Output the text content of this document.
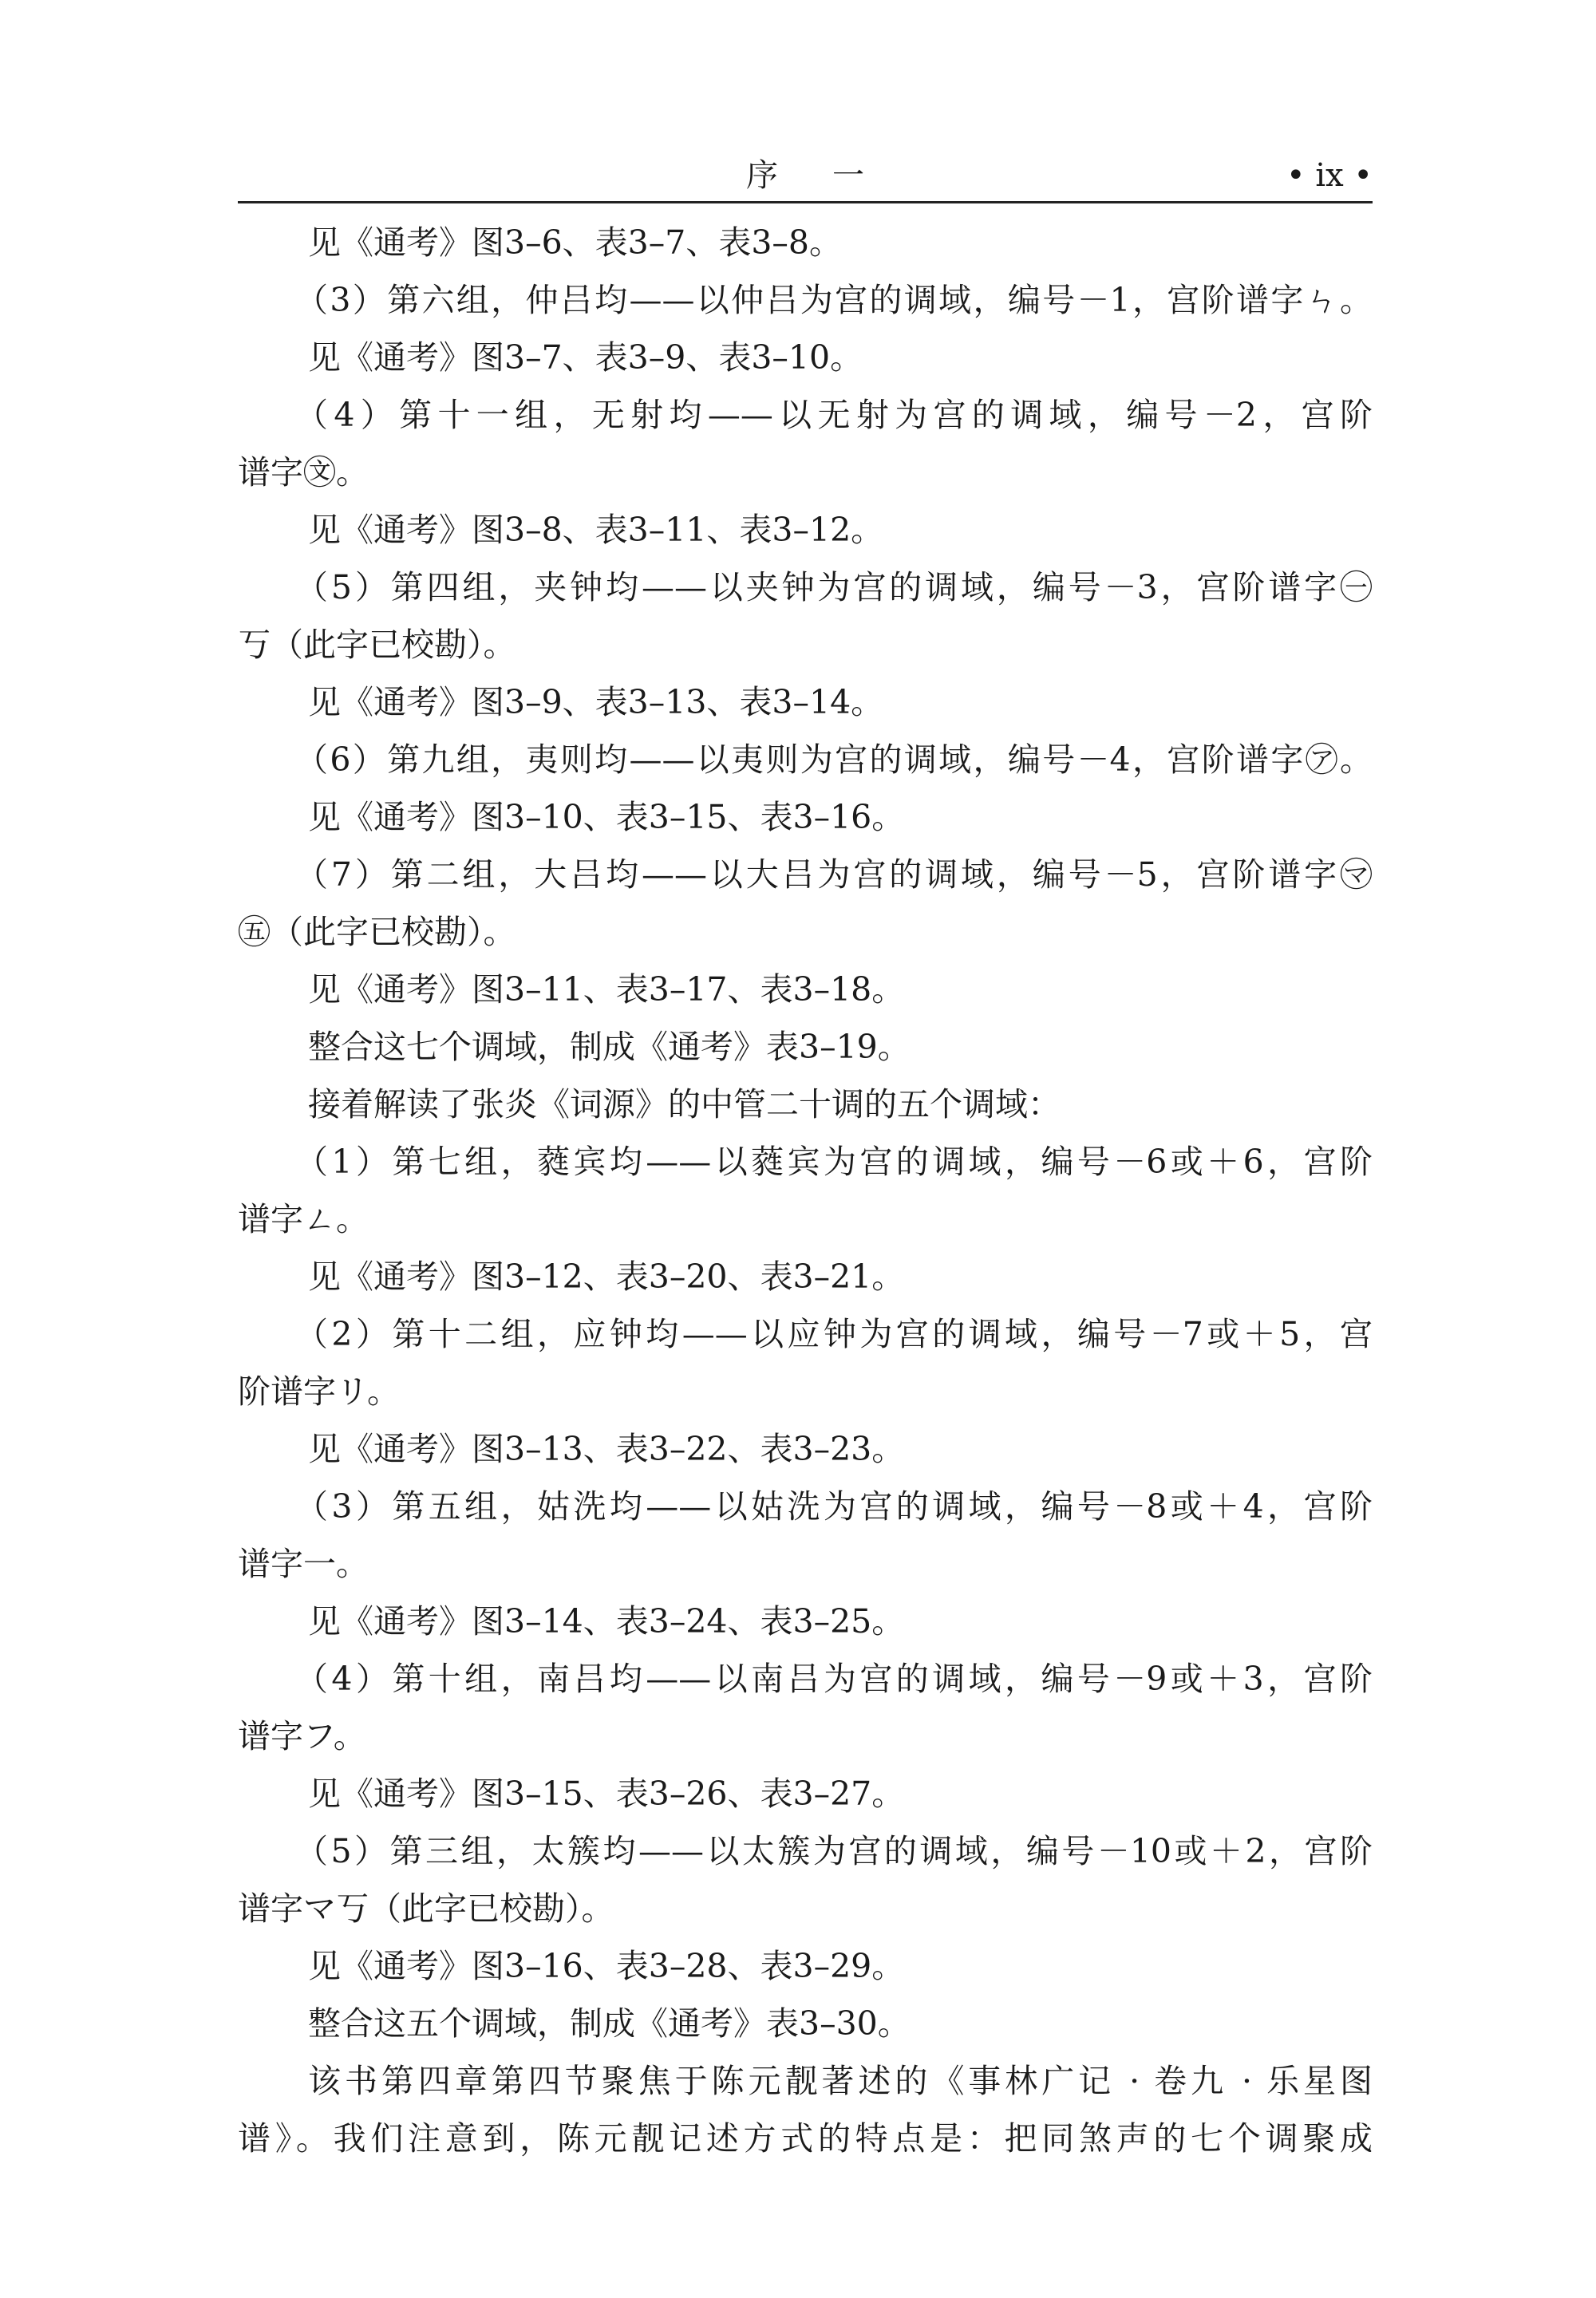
序一	• ix •
见《通考》图3–6、表3–7、表3–8。
（3）第六组，仲吕均——以仲吕为宫的调域，编号－1，宫阶谱字ㄣ。
见《通考》图3–7、表3–9、表3–10。
（4）第十一组，无射均——以无射为宫的调域，编号－2，宫阶
谱字㉆。
见《通考》图3–8、表3–11、表3–12。
（5）第四组，夹钟均——以夹钟为宫的调域，编号－3，宫阶谱字㊀
丂（此字已校勘）。
见《通考》图3–9、表3–13、表3–14。
（6）第九组，夷则均——以夷则为宫的调域，编号－4，宫阶谱字㋐。
见《通考》图3–10、表3–15、表3–16。
（7）第二组，大吕均——以大吕为宫的调域，编号－5，宫阶谱字㋮
㊄（此字已校勘）。
见《通考》图3–11、表3–17、表3–18。
整合这七个调域，制成《通考》表3–19。
接着解读了张炎《词源》的中管二十调的五个调域：
（1）第七组，蕤宾均——以蕤宾为宫的调域，编号－6或＋6，宫阶
谱字ㄥ。
见《通考》图3–12、表3–20、表3–21。
（2）第十二组，应钟均——以应钟为宫的调域，编号－7或＋5，宫
阶谱字リ。
见《通考》图3–13、表3–22、表3–23。
（3）第五组，姑洗均——以姑洗为宫的调域，编号－8或＋4，宫阶
谱字一。
见《通考》图3–14、表3–24、表3–25。
（4）第十组，南吕均——以南吕为宫的调域，编号－9或＋3，宫阶
谱字フ。
见《通考》图3–15、表3–26、表3–27。
（5）第三组，太簇均——以太簇为宫的调域，编号－10或＋2，宫阶
谱字マ丂（此字已校勘）。
见《通考》图3–16、表3–28、表3–29。
整合这五个调域，制成《通考》表3–30。
该书第四章第四节聚焦于陈元靓著述的《事林广记 · 卷九 · 乐星图
谱》。我们注意到，陈元靓记述方式的特点是：把同煞声的七个调聚成
